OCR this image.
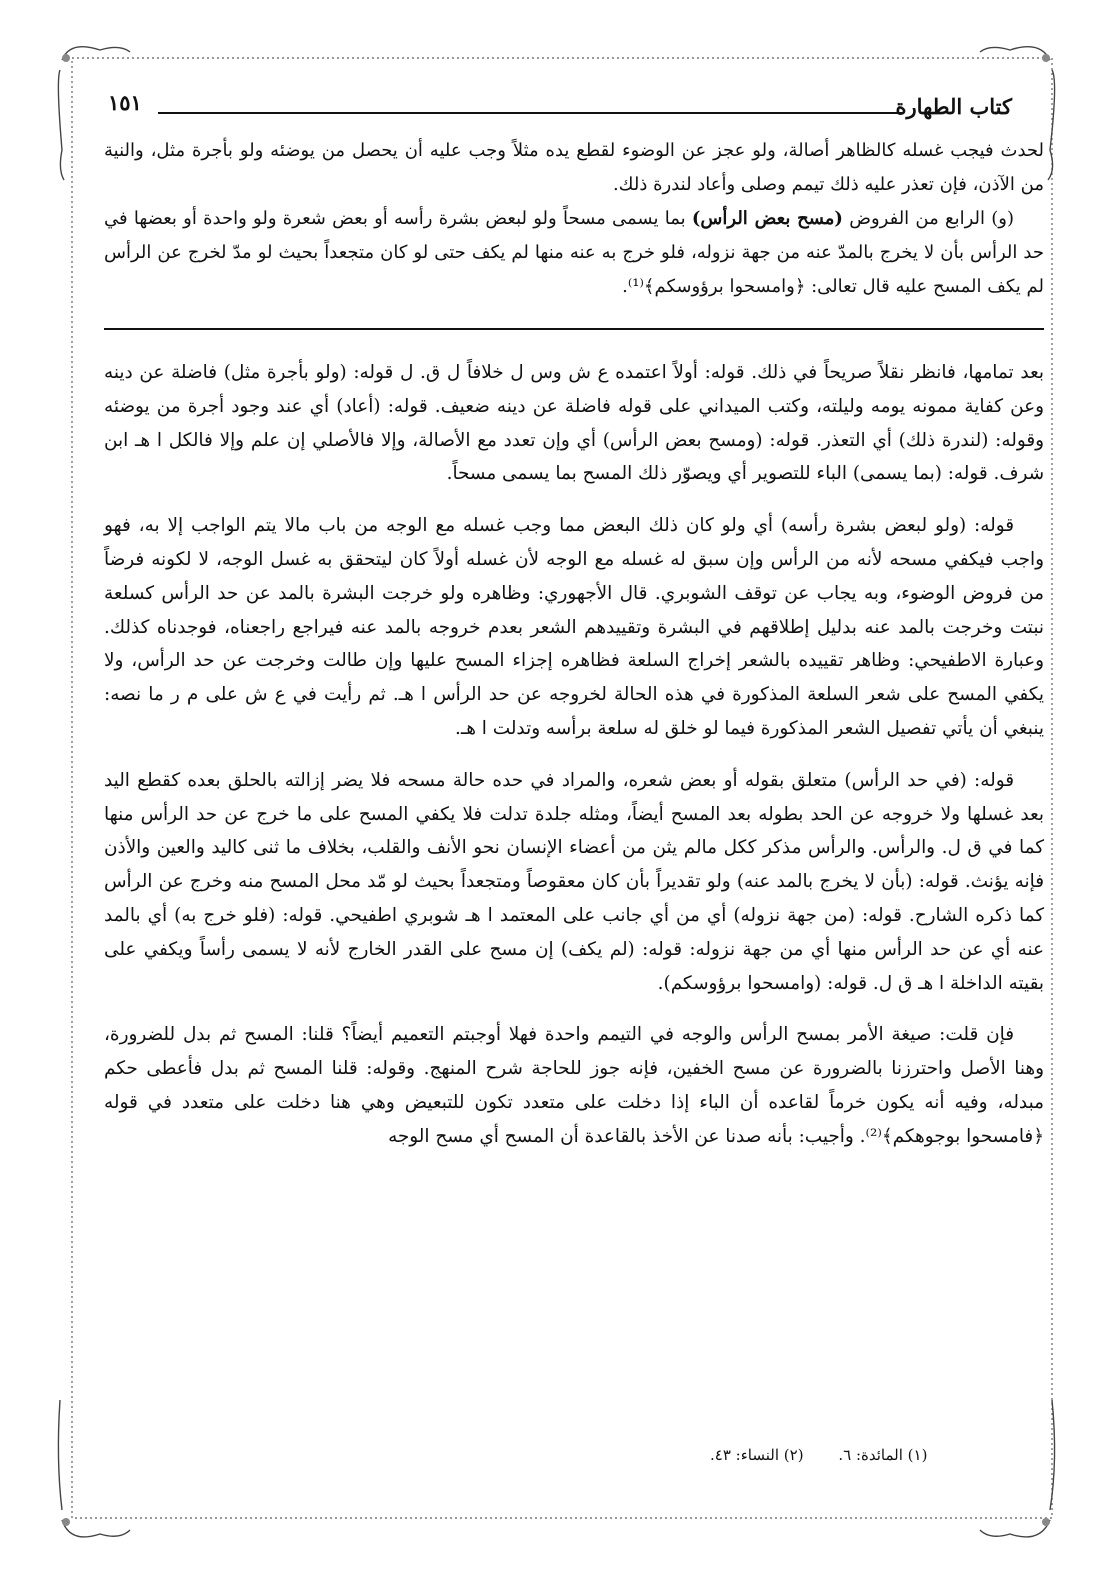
١٥١	كتاب الطهارة

لحدث فيجب غسله كالظاهر أصالة، ولو عجز عن الوضوء لقطع يده مثلاً وجب عليه أن يحصل من يوضئه ولو بأجرة مثل، والنية من الآذن، فإن تعذر عليه ذلك تيمم وصلى وأعاد لندرة ذلك.

(و) الرابع من الفروض (مسح بعض الرأس) بما يسمى مسحاً ولو لبعض بشرة رأسه أو بعض شعرة ولو واحدة أو بعضها في حد الرأس بأن لا يخرج بالمدّ عنه من جهة نزوله، فلو خرج به عنه منها لم يكف حتى لو كان متجعداً بحيث لو مدّ لخرج عن الرأس لم يكف المسح عليه قال تعالى: ﴿وامسحوا برؤوسكم﴾⁽¹⁾.

بعد تمامها، فانظر نقلاً صريحاً في ذلك. قوله: أولاً اعتمده ع ش وس ل خلافاً ل ق. ل قوله: (ولو بأجرة مثل) فاضلة عن دينه وعن كفاية ممونه يومه وليلته، وكتب الميداني على قوله فاضلة عن دينه ضعيف. قوله: (أعاد) أي عند وجود أجرة من يوضئه وقوله: (لندرة ذلك) أي التعذر. قوله: (ومسح بعض الرأس) أي وإن تعدد مع الأصالة، وإلا فالأصلي إن علم وإلا فالكل ا هـ ابن شرف. قوله: (بما يسمى) الباء للتصوير أي ويصوّر ذلك المسح بما يسمى مسحاً.

قوله: (ولو لبعض بشرة رأسه) أي ولو كان ذلك البعض مما وجب غسله مع الوجه من باب مالا يتم الواجب إلا به، فهو واجب فيكفي مسحه لأنه من الرأس وإن سبق له غسله مع الوجه لأن غسله أولاً كان ليتحقق به غسل الوجه، لا لكونه فرضاً من فروض الوضوء، وبه يجاب عن توقف الشوبري. قال الأجهوري: وظاهره ولو خرجت البشرة بالمد عن حد الرأس كسلعة نبتت وخرجت بالمد عنه بدليل إطلاقهم في البشرة وتقييدهم الشعر بعدم خروجه بالمد عنه فيراجع راجعناه، فوجدناه كذلك. وعبارة الاطفيحي: وظاهر تقييده بالشعر إخراج السلعة فظاهره إجزاء المسح عليها وإن طالت وخرجت عن حد الرأس، ولا يكفي المسح على شعر السلعة المذكورة في هذه الحالة لخروجه عن حد الرأس ا هـ. ثم رأيت في ع ش على م ر ما نصه: ينبغي أن يأتي تفصيل الشعر المذكورة فيما لو خلق له سلعة برأسه وتدلت ا هـ.

قوله: (في حد الرأس) متعلق بقوله أو بعض شعره، والمراد في حده حالة مسحه فلا يضر إزالته بالحلق بعده كقطع اليد بعد غسلها ولا خروجه عن الحد بطوله بعد المسح أيضاً، ومثله جلدة تدلت فلا يكفي المسح على ما خرج عن حد الرأس منها كما في ق ل. والرأس. والرأس مذكر ككل مالم يثن من أعضاء الإنسان نحو الأنف والقلب، بخلاف ما ثنى كاليد والعين والأذن فإنه يؤنث. قوله: (بأن لا يخرج بالمد عنه) ولو تقديراً بأن كان معقوصاً ومتجعداً بحيث لو مّد محل المسح منه وخرج عن الرأس كما ذكره الشارح. قوله: (من جهة نزوله) أي من أي جانب على المعتمد ا هـ شوبري اطفيحي. قوله: (فلو خرج به) أي بالمد عنه أي عن حد الرأس منها أي من جهة نزوله: قوله: (لم يكف) إن مسح على القدر الخارج لأنه لا يسمى رأساً ويكفي على بقيته الداخلة ا هـ ق ل. قوله: (وامسحوا برؤوسكم).

فإن قلت: صيغة الأمر بمسح الرأس والوجه في التيمم واحدة فهلا أوجبتم التعميم أيضاً؟ قلنا: المسح ثم بدل للضرورة، وهنا الأصل واحترزنا بالضرورة عن مسح الخفين، فإنه جوز للحاجة شرح المنهج. وقوله: قلنا المسح ثم بدل فأعطى حكم مبدله، وفيه أنه يكون خرماً لقاعده أن الباء إذا دخلت على متعدد تكون للتبعيض وهي هنا دخلت على متعدد في قوله ﴿فامسحوا بوجوهكم﴾⁽²⁾. وأجيب: بأنه صدنا عن الأخذ بالقاعدة أن المسح أي مسح الوجه

(١) المائدة: ٦. (٢) النساء: ٤٣.
